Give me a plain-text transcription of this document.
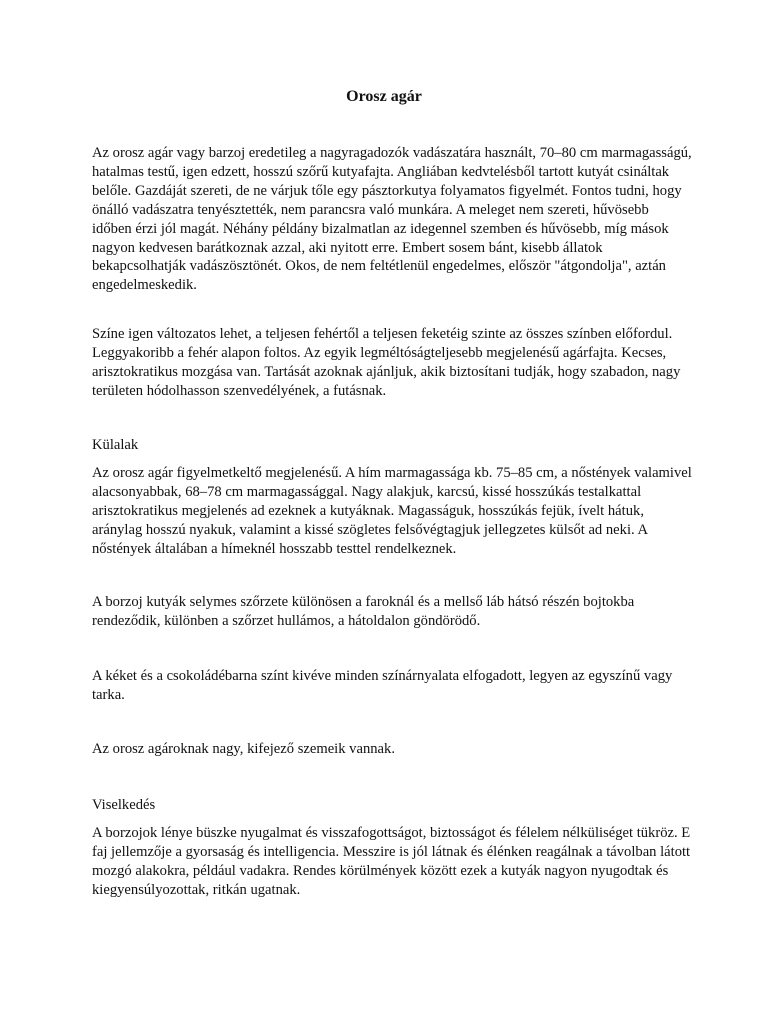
Orosz agár

Az orosz agár vagy barzoj eredetileg a nagyragadozók vadászatára használt, 70–80 cm marmagasságú, hatalmas testű, igen edzett, hosszú szőrű kutyafajta. Angliában kedvtelésből tartott kutyát csináltak belőle. Gazdáját szereti, de ne várjuk tőle egy pásztorkutya folyamatos figyelmét. Fontos tudni, hogy önálló vadászatra tenyésztették, nem parancsra való munkára. A meleget nem szereti, hűvösebb időben érzi jól magát. Néhány példány bizalmatlan az idegennel szemben és hűvösebb, míg mások nagyon kedvesen barátkoznak azzal, aki nyitott erre. Embert sosem bánt, kisebb állatok bekapcsolhatják vadászösztönét. Okos, de nem feltétlenül engedelmes, először "átgondolja", aztán engedelmeskedik.

Színe igen változatos lehet, a teljesen fehértől a teljesen feketéig szinte az összes színben előfordul. Leggyakoribb a fehér alapon foltos. Az egyik legméltóságteljesebb megjelenésű agárfajta. Kecses, arisztokratikus mozgása van. Tartását azoknak ajánljuk, akik biztosítani tudják, hogy szabadon, nagy területen hódolhasson szenvedélyének, a futásnak.

Külalak

Az orosz agár figyelmetkeltő megjelenésű. A hím marmagassága kb. 75–85 cm, a nőstények valamivel alacsonyabbak, 68–78 cm marmagassággal. Nagy alakjuk, karcsú, kissé hosszúkás testalkattal arisztokratikus megjelenés ad ezeknek a kutyáknak. Magasságuk, hosszúkás fejük, ívelt hátuk, aránylag hosszú nyakuk, valamint a kissé szögletes felsővégtagjuk jellegzetes külsőt ad neki. A nőstények általában a hímeknél hosszabb testtel rendelkeznek.

A borzoj kutyák selymes szőrzete különösen a faroknál és a mellső láb hátsó részén bojtokba rendeződik, különben a szőrzet hullámos, a hátoldalon göndörödő.

A kéket és a csokoládébarna színt kivéve minden színárnyalata elfogadott, legyen az egyszínű vagy tarka.

Az orosz agároknak nagy, kifejező szemeik vannak.

Viselkedés

A borzojok lénye büszke nyugalmat és visszafogottságot, biztosságot és félelem nélküliséget tükröz. E faj jellemzője a gyorsaság és intelligencia. Messzire is jól látnak és élénken reagálnak a távolban látott mozgó alakokra, például vadakra. Rendes körülmények között ezek a kutyák nagyon nyugodtak és kiegyensúlyozottak, ritkán ugatnak.
